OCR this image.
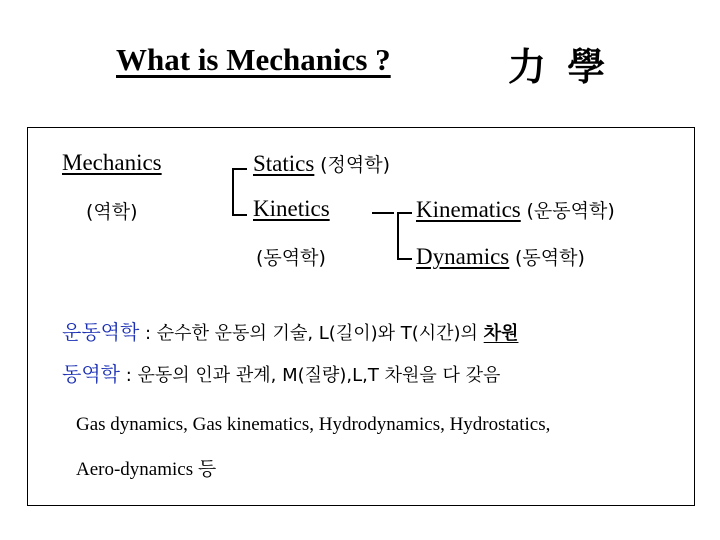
What is Mechanics ?	力 學
Mechanics
(역학)
Statics (정역학)
Kinetics
(동역학)
Kinematics (운동역학)
Dynamics (동역학)
운동역학 : 순수한 운동의 기술, L(길이)와 T(시간)의 차원
동역학 : 운동의 인과 관계, M(질량),L,T 차원을 다 갖음
Gas dynamics, Gas kinematics, Hydrodynamics, Hydrostatics,
Aero-dynamics 등
